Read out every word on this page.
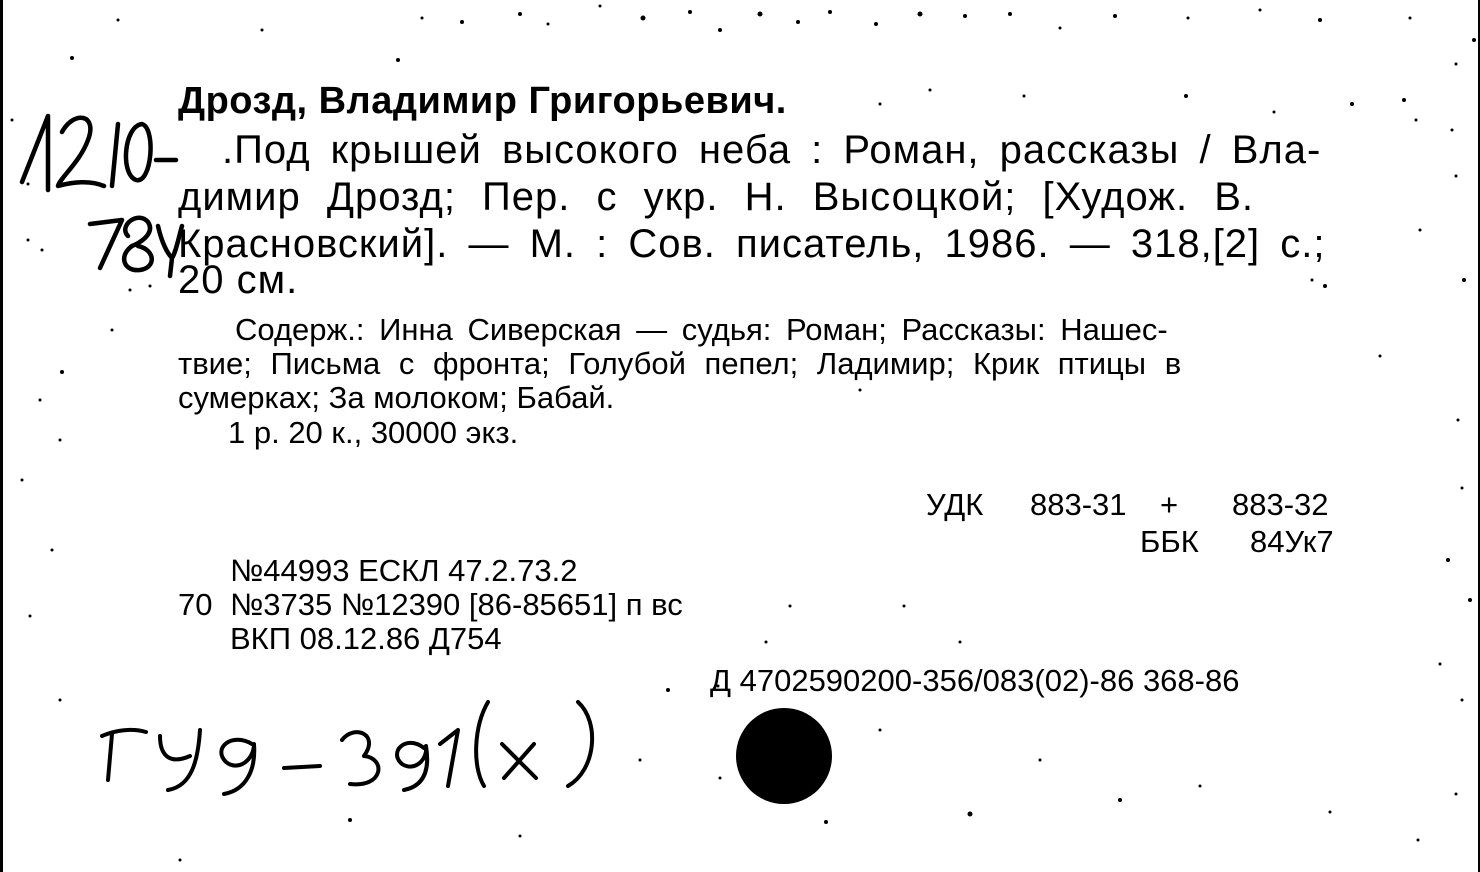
Дрозд, Владимир Григорьевич.
.Под крышей высокого неба : Роман, рассказы / Вла-
димир Дрозд; Пер. с укр. Н. Высоцкой; [Худож. В.
Красновский]. — М. : Сов. писатель, 1986. — 318,[2] с.;
20 см.
Содерж.: Инна Сиверская — судья: Роман; Рассказы: Нашес-
твие; Письма с фронта; Голубой пепел; Ладимир; Крик птицы в
сумерках; За молоком; Бабай.
1 р. 20 к., 30000 экз.
УДК 883-31 + 883-32
ББК 84Ук7
№44993 ЕСКЛ 47.2.73.2
70 №3735 №12390 [86-85651] п вс
ВКП 08.12.86 Д754
Д 4702590200-356/083(02)-86 368-86
